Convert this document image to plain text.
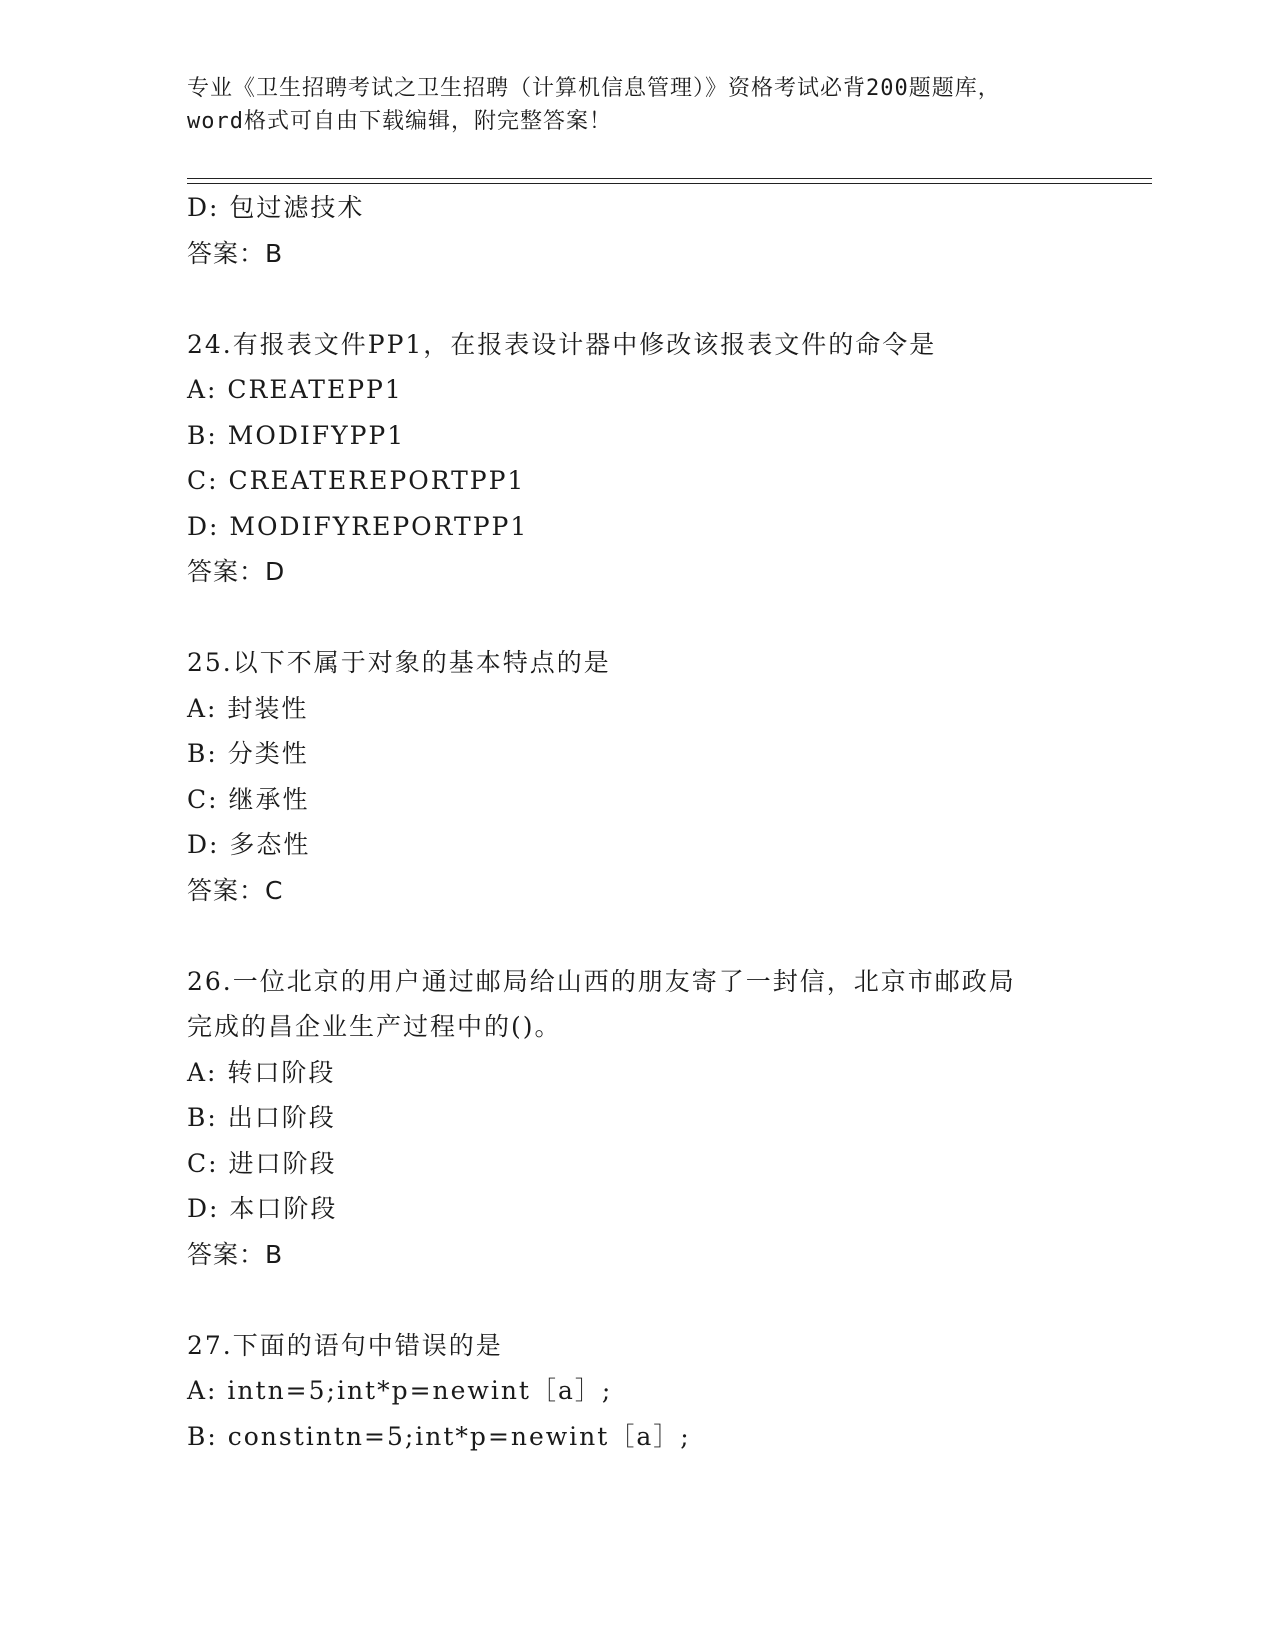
专业《卫生招聘考试之卫生招聘（计算机信息管理）》资格考试必背200题题库，
word格式可自由下载编辑，附完整答案！
D: 包过滤技术
答案：B
24.有报表文件PP1，在报表设计器中修改该报表文件的命令是
A: CREATEPP1
B: MODIFYPP1
C: CREATEREPORTPP1
D: MODIFYREPORTPP1
答案：D
25.以下不属于对象的基本特点的是
A: 封装性
B: 分类性
C: 继承性
D: 多态性
答案：C
26.一位北京的用户通过邮局给山西的朋友寄了一封信，北京市邮政局
完成的昌企业生产过程中的()。
A: 转口阶段
B: 出口阶段
C: 进口阶段
D: 本口阶段
答案：B
27.下面的语句中错误的是
A: intn=5;int*p=newint［a］;
B: constintn=5;int*p=newint［a］;
